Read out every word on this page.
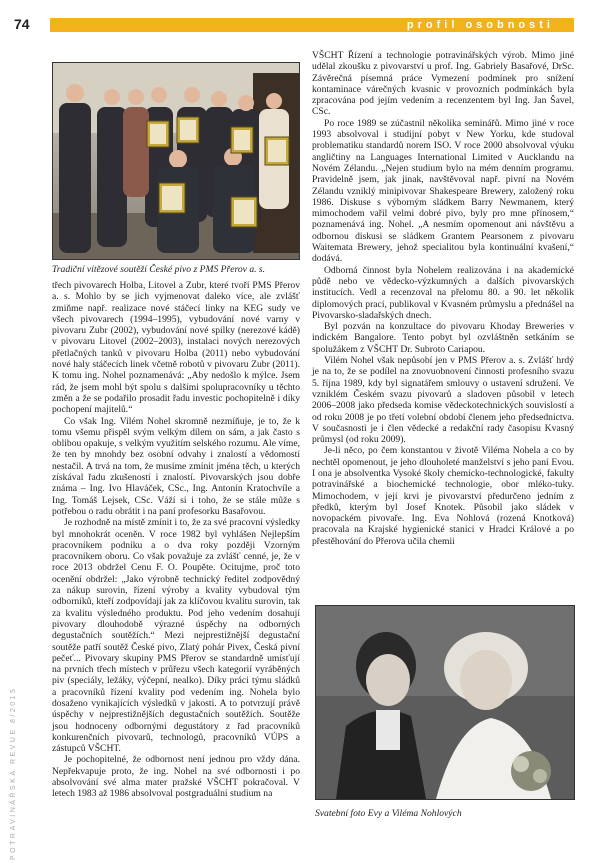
74	profil osobnosti
POTRAVINÁŘSKÁ REVUE 8/2015
Tradiční vítězové soutěží České pivo z PMS Přerov a. s.

třech pivovarech Holba, Litovel a Zubr, které tvoří PMS Přerov a. s. Mohlo by se jich vyjmenovat daleko více, ale zvlášť zmiňme např. realizace nové stáčecí linky na KEG sudy ve všech pivovarech (1994–1995), vybudování nové varny v pivovaru Zubr (2002), vybudování nové spilky (nerezové kádě) v pivovaru Litovel (2002–2003), instalaci nových nerezových přetlačných tanků v pivovaru Holba (2011) nebo vybudování nové haly stáčecích linek včetně robotů v pivovaru Zubr (2011). K tomu ing. Nohel poznamenává: „Aby nedošlo k mýlce. Jsem rád, že jsem mohl být spolu s dalšími spolupracovníky u těchto změn a že se podařilo prosadit řadu investic pochopitelně i díky pochopení majitelů.“

Co však Ing. Vilém Nohel skromně nezmíňuje, je to, že k tomu všemu přispěl svým velkým dílem on sám, a jak často s oblibou opakuje, s velkým využitím selského rozumu. Ale víme, že ten by mnohdy bez osobní odvahy i znalostí a vědomostí nestačil. A trvá na tom, že musíme zmínit jména těch, u kterých získával řadu zkušeností i znalostí. Pivovarských jsou dobře známa – Ing. Ivo Hlaváček, CSc., Ing. Antonín Kratochvíle a Ing. Tomáš Lejsek, CSc. Váží si i toho, že se stále může s potřebou o radu obrátit i na paní profesorku Basařovou.

Je rozhodně na místě zmínit i to, že za své pracovní výsledky byl mnohokrát oceněn. V roce 1982 byl vyhlášen Nejlepším pracovníkem podniku a o dva roky později Vzorným pracovníkem oboru. Co však považuje za zvlášť cenné, je, že v roce 2013 obdržel Cenu F. O. Poupěte. Ocitujme, proč toto ocenění obdržel: „Jako výrobně technický ředitel zodpovědný za nákup surovin, řízení výroby a kvality vybudoval tým odborníků, kteří zodpovídají jak za klíčovou kvalitu surovin, tak za kvalitu výsledného produktu. Pod jeho vedením dosahují pivovary dlouhodobě výrazné úspěchy na odborných degustačních soutěžích.“ Mezi nejprestižnější degustační soutěže patří soutěž České pivo, Zlatý pohár Pivex, Česká pivní pečeť... Pivovary skupiny PMS Přerov se standardně umísťují na prvních třech místech v průřezu všech kategorií vyráběných piv (speciály, ležáky, výčepní, nealko). Díky práci týmu sládků a pracovníků řízení kvality pod vedením ing. Nohela bylo dosaženo vynikajících výsledků v jakosti. A to potvrzují právě úspěchy v nejprestižnějších degustačních soutěžích. Soutěže jsou hodnoceny odbornými degustátory z řad pracovníků konkurenčních pivovarů, technologů, pracovníků VÚPS a zástupců VŠCHT.

Je pochopitelné, že odbornost není jednou pro vždy dána. Nepřekvapuje proto, že ing. Nohel na své odbornosti i po absolvování své alma mater pražské VŠCHT pokračoval. V letech 1983 až 1986 absolvoval postgraduální studium na

VŠCHT Řízení a technologie potravinářských výrob. Mimo jiné udělal zkoušku z pivovarství u prof. Ing. Gabriely Basařové, DrSc. Závěrečná písemná práce Vymezení podmínek pro snížení kontaminace várečných kvasnic v provozních podmínkách byla zpracována pod jejím vedením a recenzentem byl Ing. Jan Šavel, CSc.

Po roce 1989 se zúčastnil několika seminářů. Mimo jiné v roce 1993 absolvoval i studijní pobyt v New Yorku, kde studoval problematiku standardů norem ISO. V roce 2000 absolvoval výuku angličtiny na Languages International Limited v Aucklandu na Novém Zélandu. „Nejen studium bylo na mém denním programu. Pravidelně jsem, jak jinak, navštěvoval např. pivní na Novém Zélandu vzniklý minipivovar Shakespeare Brewery, založený roku 1986. Diskuse s výborným sládkem Barry Newmanem, který mimochodem vařil velmi dobré pivo, byly pro mne přínosem,“ poznamenává ing. Nohel. „A nesmím opomenout ani návštěvu a odbornou diskusi se sládkem Grantem Pearsonem z pivovaru Waitemata Brewery, jehož specialitou byla kontinuální kvašení,“ dodává.

Odborná činnost byla Nohelem realizována i na akademické půdě nebo ve vědecko-výzkumných a dalších pivovarských institucích. Vedl a recenzoval na přelomu 80. a 90. let několik diplomových prací, publikoval v Kvasném průmyslu a přednášel na Pivovarsko-sladařských dnech.

Byl pozván na konzultace do pivovaru Khoday Breweries v indickém Bangalore. Tento pobyt byl ozvláštněn setkáním se spolužákem z VŠCHT Dr. Subroto Cariapou.

Vilém Nohel však nepůsobí jen v PMS Přerov a. s. Zvlášť hrdý je na to, že se podílel na znovuobnovení činnosti profesního svazu 5. října 1989, kdy byl signatářem smlouvy o ustavení sdružení. Ve vzniklém Českém svazu pivovarů a sladoven působil v letech 2006–2008 jako předseda komise vědeckotechnických souvislostí a od roku 2008 je po třetí volební období členem jeho předsednictva. V současnosti je i člen vědecké a redakční rady časopisu Kvasný průmysl (od roku 2009).

Je-li něco, po čem konstantou v životě Viléma Nohela a co by nechtěl opomenout, je jeho dlouholeté manželství s jeho paní Evou. I ona je absolventka Vysoké školy chemicko-technologické, fakulty potravinářské a biochemické technologie, obor mléko-tuky. Mimochodem, v její krvi je pivovarství předurčeno jedním z předků, kterým byl Josef Knotek. Působil jako sládek v novopackém pivovaře. Ing. Eva Nohlová (rozená Knotková) pracovala na Krajské hygienické stanici v Hradci Králové a po přestěhování do Přerova učila chemii

Svatební foto Evy a Viléma Nohlových
